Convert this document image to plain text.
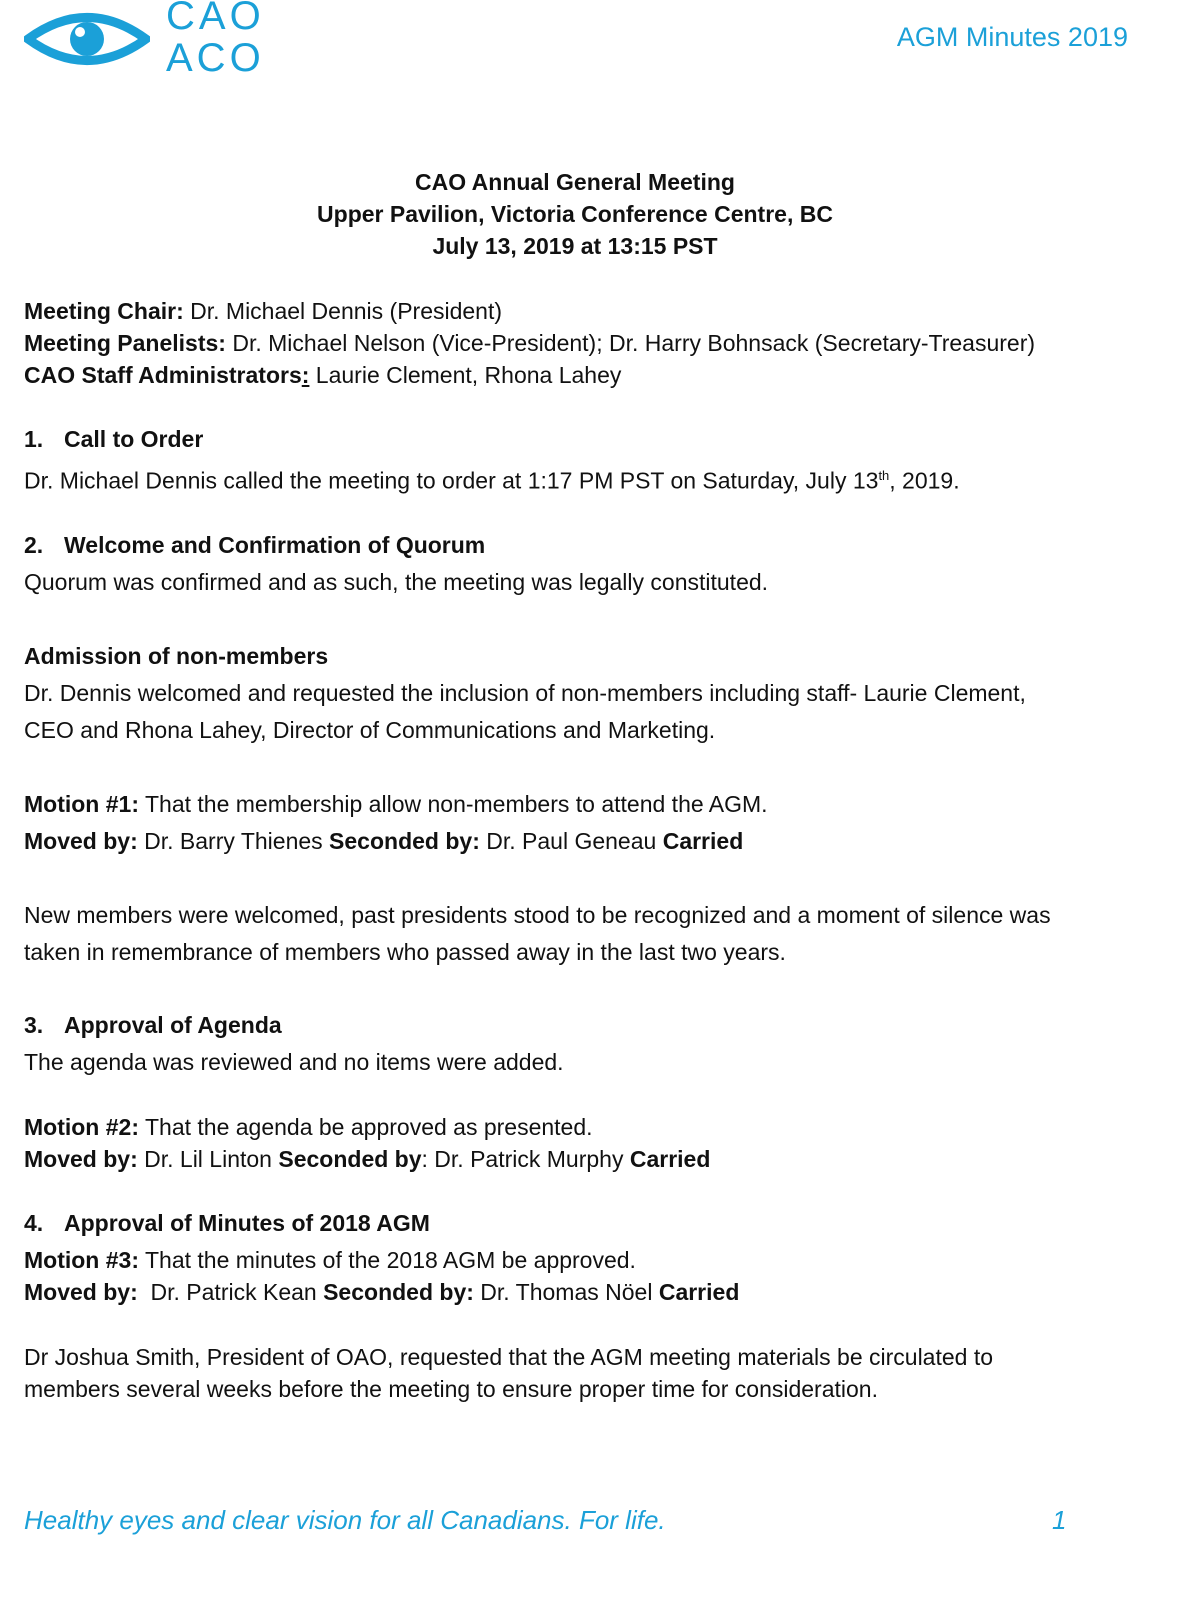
CAO
ACO	AGM Minutes 2019
CAO Annual General Meeting
Upper Pavilion, Victoria Conference Centre, BC
July 13, 2019 at 13:15 PST
Meeting Chair: Dr. Michael Dennis (President)
Meeting Panelists: Dr. Michael Nelson (Vice-President); Dr. Harry Bohnsack (Secretary-Treasurer)
CAO Staff Administrators: Laurie Clement, Rhona Lahey
1. Call to Order
Dr. Michael Dennis called the meeting to order at 1:17 PM PST on Saturday, July 13th, 2019.
2. Welcome and Confirmation of Quorum
Quorum was confirmed and as such, the meeting was legally constituted.
Admission of non-members
Dr. Dennis welcomed and requested the inclusion of non-members including staff- Laurie Clement,
CEO and Rhona Lahey, Director of Communications and Marketing.
Motion #1: That the membership allow non-members to attend the AGM.
Moved by: Dr. Barry Thienes Seconded by: Dr. Paul Geneau Carried
New members were welcomed, past presidents stood to be recognized and a moment of silence was
taken in remembrance of members who passed away in the last two years.
3. Approval of Agenda
The agenda was reviewed and no items were added.
Motion #2: That the agenda be approved as presented.
Moved by: Dr. Lil Linton Seconded by: Dr. Patrick Murphy Carried
4. Approval of Minutes of 2018 AGM
Motion #3: That the minutes of the 2018 AGM be approved.
Moved by:  Dr. Patrick Kean Seconded by: Dr. Thomas Nöel Carried
Dr Joshua Smith, President of OAO, requested that the AGM meeting materials be circulated to
members several weeks before the meeting to ensure proper time for consideration.
Healthy eyes and clear vision for all Canadians. For life.	1
